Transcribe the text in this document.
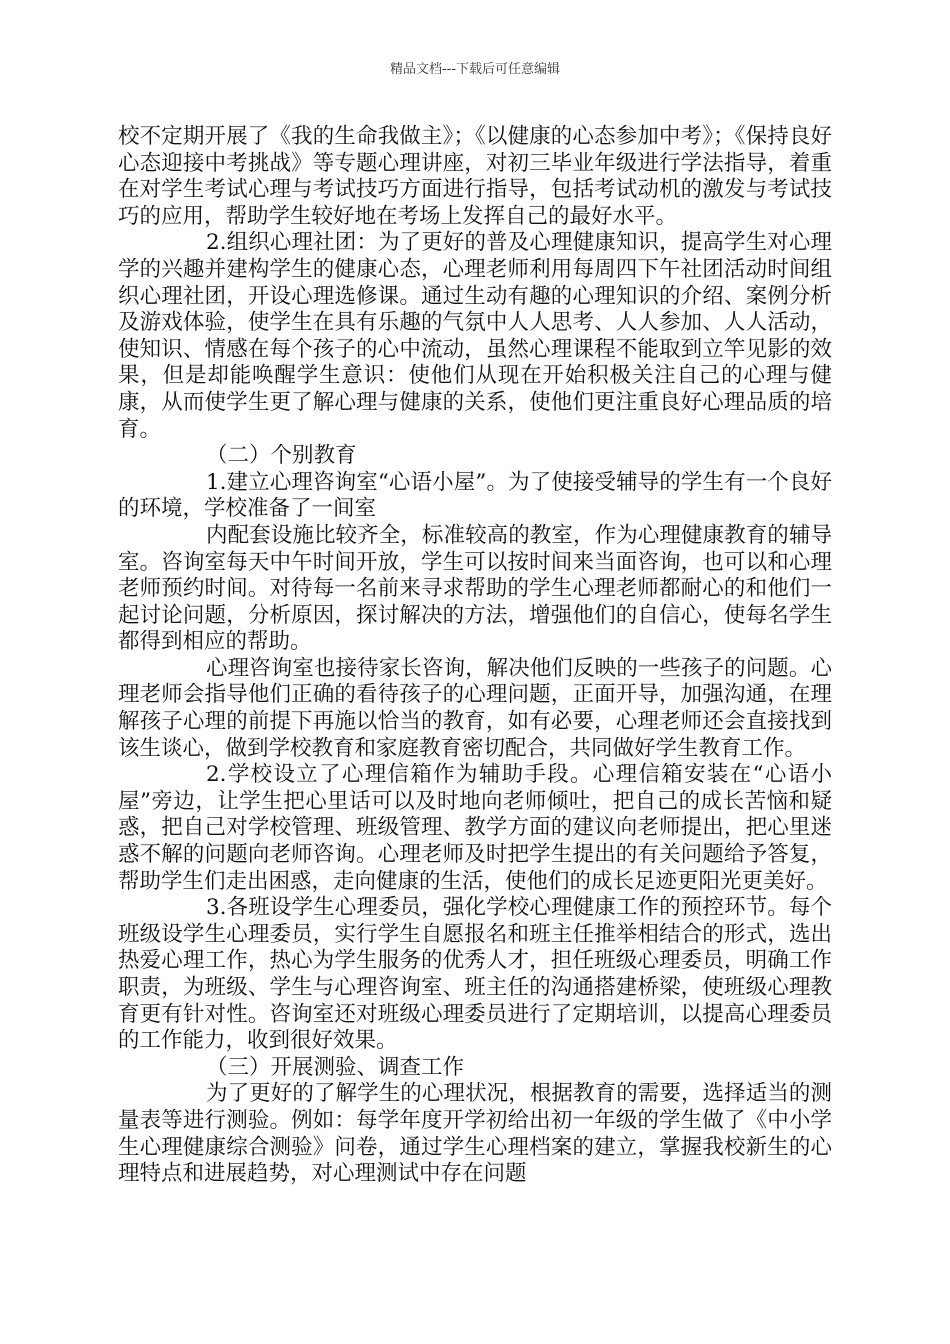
精品文档---下载后可任意编辑

校不定期开展了《我的生命我做主》；《以健康的心态参加中考》；《保持良好心态迎接中考挑战》等专题心理讲座，对初三毕业年级进行学法指导，着重在对学生考试心理与考试技巧方面进行指导，包括考试动机的激发与考试技巧的应用，帮助学生较好地在考场上发挥自己的最好水平。

2.组织心理社团：为了更好的普及心理健康知识，提高学生对心理学的兴趣并建构学生的健康心态，心理老师利用每周四下午社团活动时间组织心理社团，开设心理选修课。通过生动有趣的心理知识的介绍、案例分析及游戏体验，使学生在具有乐趣的气氛中人人思考、人人参加、人人活动，使知识、情感在每个孩子的心中流动，虽然心理课程不能取到立竿见影的效果，但是却能唤醒学生意识：使他们从现在开始积极关注自己的心理与健康，从而使学生更了解心理与健康的关系，使他们更注重良好心理品质的培育。

（二）个别教育

1.建立心理咨询室“心语小屋”。为了使接受辅导的学生有一个良好的环境，学校准备了一间室

内配套设施比较齐全，标准较高的教室，作为心理健康教育的辅导室。咨询室每天中午时间开放，学生可以按时间来当面咨询，也可以和心理老师预约时间。对待每一名前来寻求帮助的学生心理老师都耐心的和他们一起讨论问题，分析原因，探讨解决的方法，增强他们的自信心，使每名学生都得到相应的帮助。

心理咨询室也接待家长咨询，解决他们反映的一些孩子的问题。心理老师会指导他们正确的看待孩子的心理问题，正面开导，加强沟通，在理解孩子心理的前提下再施以恰当的教育，如有必要，心理老师还会直接找到该生谈心，做到学校教育和家庭教育密切配合，共同做好学生教育工作。

2.学校设立了心理信箱作为辅助手段。心理信箱安装在“心语小屋”旁边，让学生把心里话可以及时地向老师倾吐，把自己的成长苦恼和疑惑，把自己对学校管理、班级管理、教学方面的建议向老师提出，把心里迷惑不解的问题向老师咨询。心理老师及时把学生提出的有关问题给予答复，帮助学生们走出困惑，走向健康的生活，使他们的成长足迹更阳光更美好。

3.各班设学生心理委员，强化学校心理健康工作的预控环节。每个班级设学生心理委员，实行学生自愿报名和班主任推举相结合的形式，选出热爱心理工作，热心为学生服务的优秀人才，担任班级心理委员，明确工作职责，为班级、学生与心理咨询室、班主任的沟通搭建桥梁，使班级心理教育更有针对性。咨询室还对班级心理委员进行了定期培训，以提高心理委员的工作能力，收到很好效果。

（三）开展测验、调查工作

为了更好的了解学生的心理状况，根据教育的需要，选择适当的测量表等进行测验。例如：每学年度开学初给出初一年级的学生做了《中小学生心理健康综合测验》问卷，通过学生心理档案的建立，掌握我校新生的心理特点和进展趋势，对心理测试中存在问题
